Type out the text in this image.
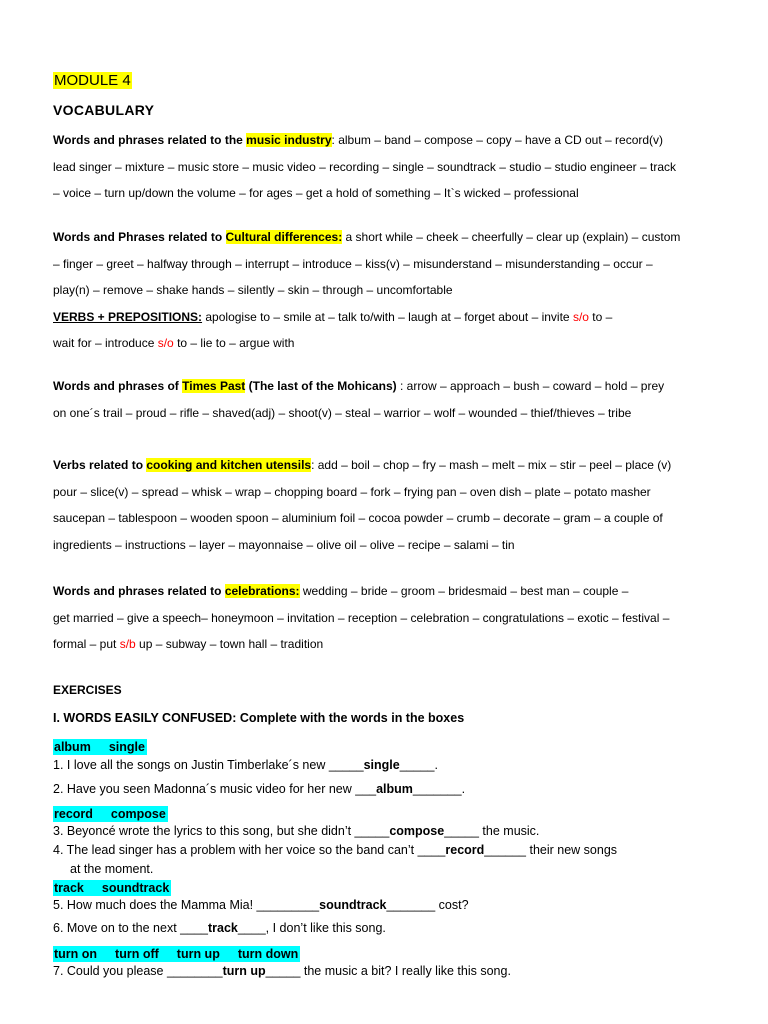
MODULE 4
VOCABULARY
Words and phrases related to the music industry: album – band – compose – copy – have a CD out – record(v)
lead singer – mixture – music store – music video – recording – single – soundtrack – studio – studio engineer – track
– voice – turn up/down the volume – for ages – get a hold of something – It`s wicked – professional
Words and Phrases related to Cultural differences: a short while – cheek – cheerfully – clear up (explain) – custom
– finger – greet – halfway through – interrupt – introduce – kiss(v) – misunderstand – misunderstanding – occur –
play(n) – remove – shake hands – silently – skin – through – uncomfortable
VERBS + PREPOSITIONS: apologise to – smile at – talk to/with – laugh at – forget about – invite s/o to –
wait for – introduce s/o to – lie to – argue with
Words and phrases of Times Past (The last of the Mohicans) : arrow – approach – bush – coward – hold – prey
on one´s trail – proud – rifle – shaved(adj) – shoot(v) – steal – warrior – wolf – wounded – thief/thieves – tribe
Verbs related to cooking and kitchen utensils: add – boil – chop – fry – mash – melt – mix – stir – peel – place (v)
pour – slice(v) – spread – whisk – wrap – chopping board – fork – frying pan – oven dish – plate – potato masher
saucepan – tablespoon – wooden spoon – aluminium foil – cocoa powder – crumb – decorate – gram – a couple of
ingredients – instructions – layer – mayonnaise – olive oil – olive – recipe – salami – tin
Words and phrases related to celebrations: wedding – bride – groom – bridesmaid – best man – couple –
get married – give a speech– honeymoon – invitation – reception – celebration – congratulations – exotic – festival –
formal – put s/b up – subway – town hall – tradition
EXERCISES
I. WORDS EASILY CONFUSED: Complete with the words in the boxes
album single
1. I love all the songs on Justin Timberlake´s new _____single_____.
2. Have you seen Madonna´s music video for her new ___album_______.
record compose
3. Beyoncé wrote the lyrics to this song, but she didn’t _____compose_____ the music.
4. The lead singer has a problem with her voice so the band can’t ____record______ their new songs
at the moment.
track soundtrack
5. How much does the Mamma Mia! _________soundtrack_______ cost?
6. Move on to the next ____track____, I don’t like this song.
turn on turn off turn up turn down
7. Could you please ________turn up_____ the music a bit? I really like this song.
